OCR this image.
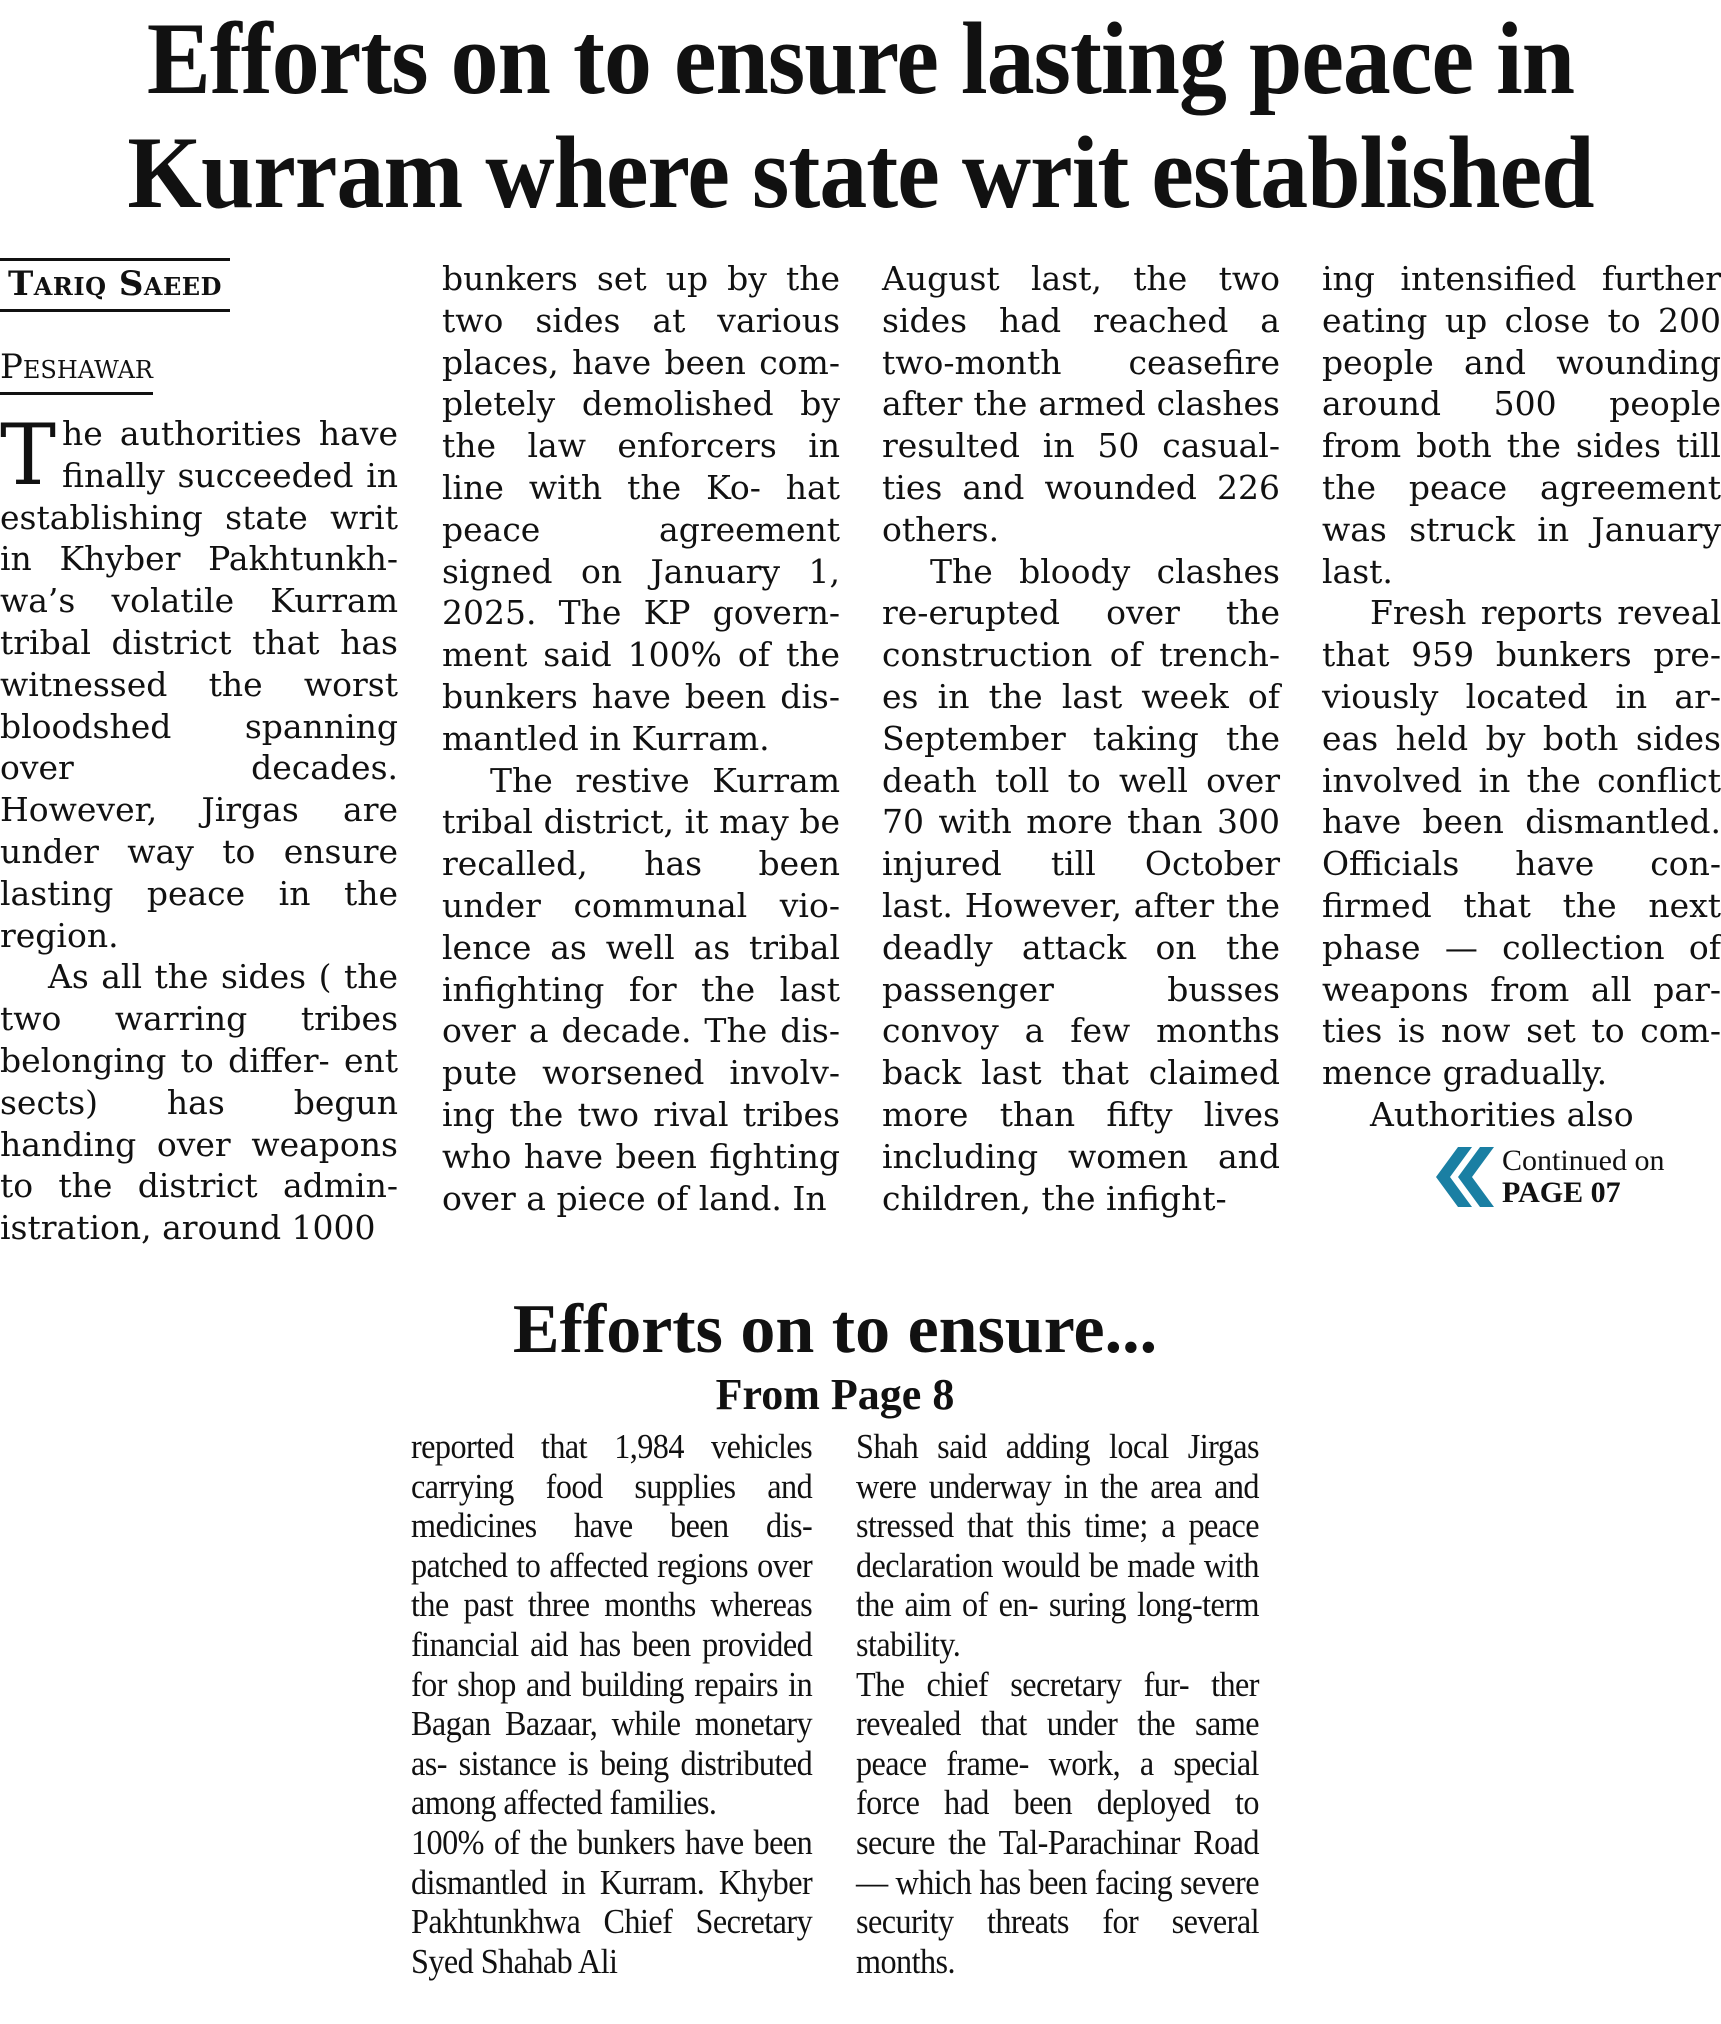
Efforts on to ensure lasting peace in
Kurram where state writ established
Tariq Saeed
Peshawar

The authorities have finally succeeded in establishing state writ in Khyber Pakhtunkh- wa’s volatile Kurram tribal district that has witnessed the worst bloodshed spanning over decades. However, Jirgas are under way to ensure lasting peace in the region.

As all the sides ( the two warring tribes belonging to differ- ent sects) has begun handing over weapons to the district admin- istration, around 1000

bunkers set up by the two sides at various places, have been com- pletely demolished by the law enforcers in line with the Ko- hat peace agreement signed on January 1, 2025. The KP govern- ment said 100% of the bunkers have been dis- mantled in Kurram.

The restive Kurram tribal district, it may be recalled, has been under communal vio- lence as well as tribal infighting for the last over a decade. The dis- pute worsened involv- ing the two rival tribes who have been fighting over a piece of land. In

August last, the two sides had reached a two-month ceasefire after the armed clashes resulted in 50 casual- ties and wounded 226 others.

The bloody clashes re-erupted over the construction of trench- es in the last week of September taking the death toll to well over 70 with more than 300 injured till October last. However, after the deadly attack on the passenger busses convoy a few months back last that claimed more than fifty lives including women and children, the infight-

ing intensified further eating up close to 200 people and wounding around 500 people from both the sides till the peace agreement was struck in January last.

Fresh reports reveal that 959 bunkers pre- viously located in ar- eas held by both sides involved in the conflict have been dismantled. Officials have con- firmed that the next phase — collection of weapons from all par- ties is now set to com- mence gradually.

Authorities also

Continued on
PAGE 07
Efforts on to ensure...
From Page 8

reported that 1,984 vehicles carrying food supplies and medicines have been dis- patched to affected regions over the past three months whereas financial aid has been provided for shop and building repairs in Bagan Bazaar, while monetary as- sistance is being distributed among affected families.

100% of the bunkers have been dismantled in Kurram. Khyber Pakhtunkhwa Chief Secretary Syed Shahab Ali

Shah said adding local Jirgas were underway in the area and stressed that this time; a peace declaration would be made with the aim of en- suring long-term stability.

The chief secretary fur- ther revealed that under the same peace frame- work, a special force had been deployed to secure the Tal-Parachinar Road — which has been facing severe security threats for several months.
